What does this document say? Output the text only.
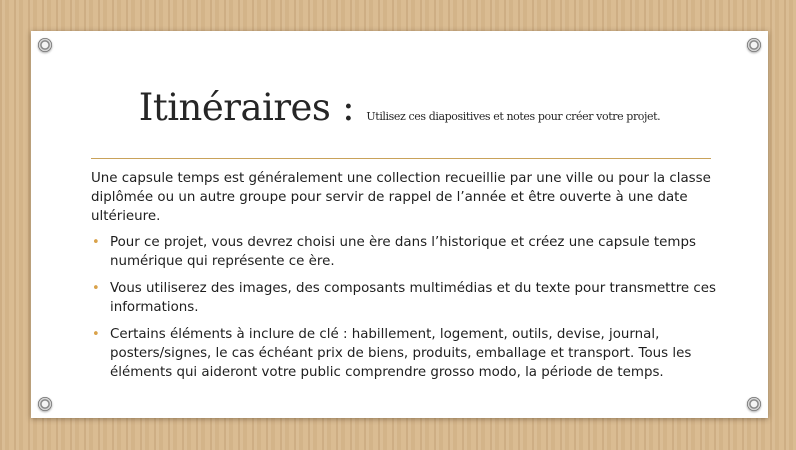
Itinéraires : Utilisez ces diapositives et notes pour créer votre projet.

Une capsule temps est généralement une collection recueillie par une ville ou pour la classe diplômée ou un autre groupe pour servir de rappel de l’année et être ouverte à une date ultérieure.

• Pour ce projet, vous devrez choisi une ère dans l’historique et créez une capsule temps numérique qui représente ce ère.
• Vous utiliserez des images, des composants multimédias et du texte pour transmettre ces informations.
• Certains éléments à inclure de clé : habillement, logement, outils, devise, journal, posters/signes, le cas échéant prix de biens, produits, emballage et transport. Tous les éléments qui aideront votre public comprendre grosso modo, la période de temps.
